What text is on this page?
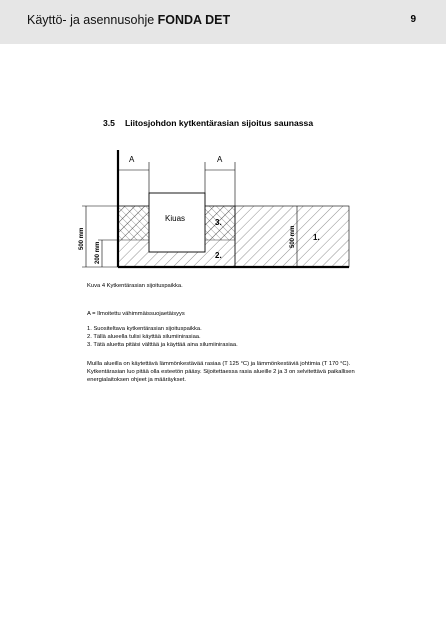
Käyttö- ja asennusohje FONDA DET	9
3.5 Liitosjohdon kytkentärasian sijoitus saunassa
Kiuas
A	A
3.
2.
1.
500 mm
200 mm
500 mm
Kuva 4 Kytkentärasian sijoituspaikka.
A = Ilmoitettu vähimmäissuojaetäisyys
1. Suositeltava kytkentärasian sijoituspaikka.
2. Tällä alueella tulisi käyttää silumiinirasiaa.
3. Tätä aluetta pitäisi välttää ja käyttää aina silumiinirasiaa.
Muilla alueilla on käytettävä lämmönkestävää rasiaa (T 125 °C) ja lämmönkestäviä johtimia (T 170 °C).
Kytkentärasian luo pitää olla esteetön pääsy. Sijoitettaessa rasia alueille 2 ja 3 on selvitettävä paikallisen
energialaitoksen ohjeet ja määräykset.
